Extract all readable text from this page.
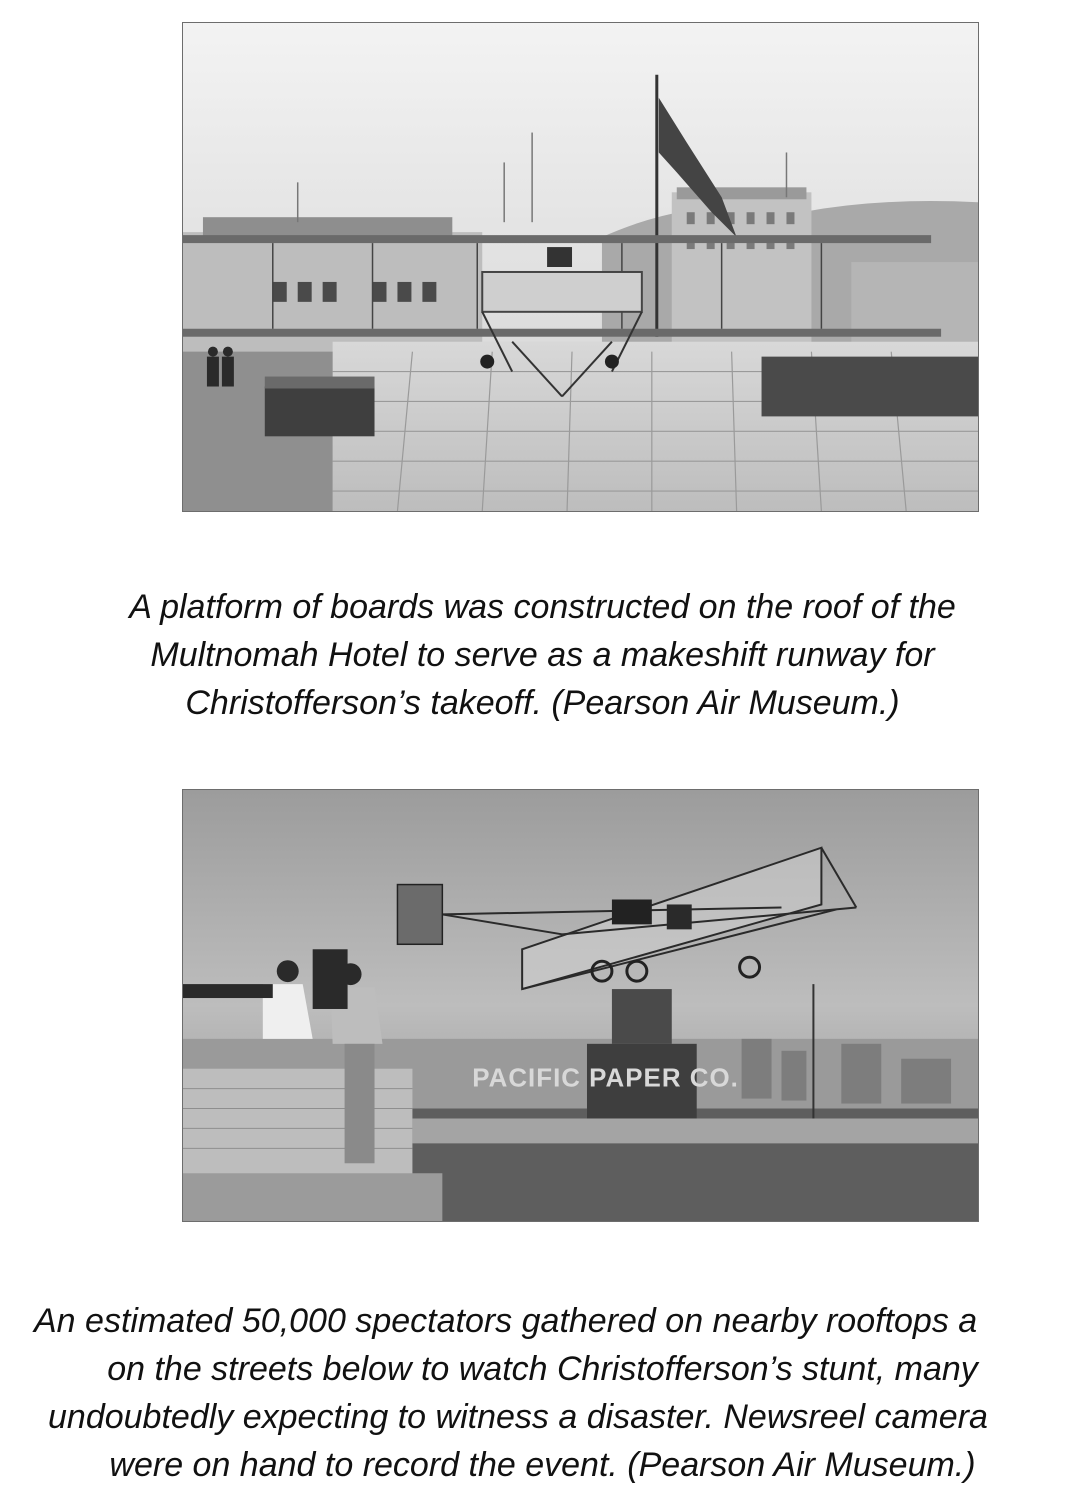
A platform of boards was constructed on the roof of the
Multnomah Hotel to serve as a makeshift runway for
Christofferson’s takeoff. (Pearson Air Museum.)

PACIFIC PAPER CO.

An estimated 50,000 spectators gathered on nearby rooftops a
on the streets below to watch Christofferson’s stunt, many
undoubtedly expecting to witness a disaster. Newsreel camera
were on hand to record the event. (Pearson Air Museum.)
